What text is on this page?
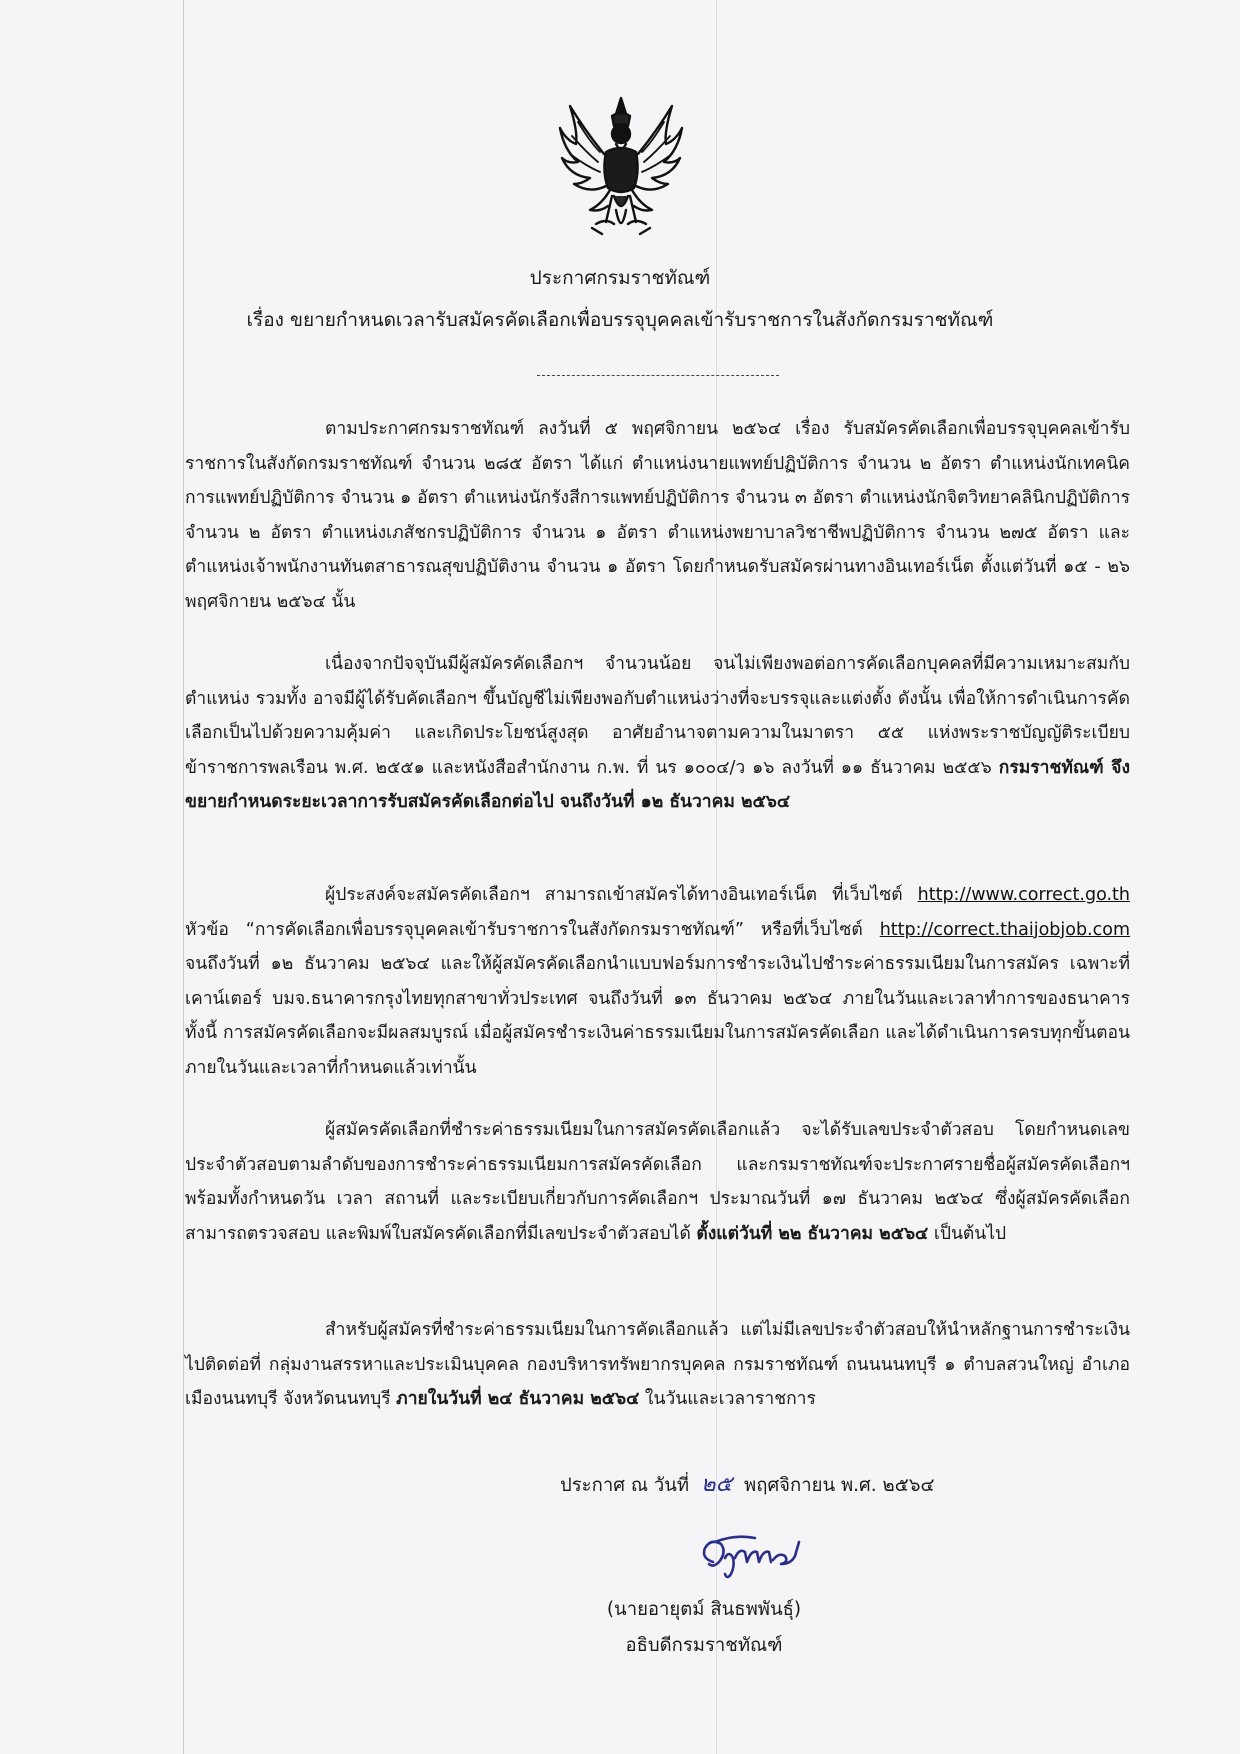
ประกาศกรมราชทัณฑ์
เรื่อง ขยายกำหนดเวลารับสมัครคัดเลือกเพื่อบรรจุบุคคลเข้ารับราชการในสังกัดกรมราชทัณฑ์
ตามประกาศกรมราชทัณฑ์ ลงวันที่ ๕ พฤศจิกายน ๒๕๖๔ เรื่อง รับสมัครคัดเลือกเพื่อบรรจุบุคคลเข้ารับราชการในสังกัดกรมราชทัณฑ์ จำนวน ๒๘๕ อัตรา ได้แก่ ตำแหน่งนายแพทย์ปฏิบัติการ จำนวน ๒ อัตรา ตำแหน่งนักเทคนิคการแพทย์ปฏิบัติการ จำนวน ๑ อัตรา ตำแหน่งนักรังสีการแพทย์ปฏิบัติการ จำนวน ๓ อัตรา ตำแหน่งนักจิตวิทยาคลินิกปฏิบัติการ จำนวน ๒ อัตรา ตำแหน่งเภสัชกรปฏิบัติการ จำนวน ๑ อัตรา ตำแหน่งพยาบาลวิชาชีพปฏิบัติการ จำนวน ๒๗๕ อัตรา และตำแหน่งเจ้าพนักงานทันตสาธารณสุขปฏิบัติงาน จำนวน ๑ อัตรา โดยกำหนดรับสมัครผ่านทางอินเทอร์เน็ต ตั้งแต่วันที่ ๑๕ - ๒๖ พฤศจิกายน ๒๕๖๔ นั้น
เนื่องจากปัจจุบันมีผู้สมัครคัดเลือกฯ จำนวนน้อย จนไม่เพียงพอต่อการคัดเลือกบุคคลที่มีความเหมาะสมกับตำแหน่ง รวมทั้ง อาจมีผู้ได้รับคัดเลือกฯ ขึ้นบัญชีไม่เพียงพอกับตำแหน่งว่างที่จะบรรจุและแต่งตั้ง ดังนั้น เพื่อให้การดำเนินการคัดเลือกเป็นไปด้วยความคุ้มค่า และเกิดประโยชน์สูงสุด อาศัยอำนาจตามความในมาตรา ๕๕ แห่งพระราชบัญญัติระเบียบข้าราชการพลเรือน พ.ศ. ๒๕๕๑ และหนังสือสำนักงาน ก.พ. ที่ นร ๑๐๐๔/ว ๑๖ ลงวันที่ ๑๑ ธันวาคม ๒๕๕๖ กรมราชทัณฑ์ จึงขยายกำหนดระยะเวลาการรับสมัครคัดเลือกต่อไป จนถึงวันที่ ๑๒ ธันวาคม ๒๕๖๔
ผู้ประสงค์จะสมัครคัดเลือกฯ สามารถเข้าสมัครได้ทางอินเทอร์เน็ต ที่เว็บไซต์ http://www.correct.go.th หัวข้อ “การคัดเลือกเพื่อบรรจุบุคคลเข้ารับราชการในสังกัดกรมราชทัณฑ์” หรือที่เว็บไซต์ http://correct.thaijobjob.com จนถึงวันที่ ๑๒ ธันวาคม ๒๕๖๔ และให้ผู้สมัครคัดเลือกนำแบบฟอร์มการชำระเงินไปชำระค่าธรรมเนียมในการสมัคร เฉพาะที่เคาน์เตอร์ บมจ.ธนาคารกรุงไทยทุกสาขาทั่วประเทศ จนถึงวันที่ ๑๓ ธันวาคม ๒๕๖๔ ภายในวันและเวลาทำการของธนาคาร ทั้งนี้ การสมัครคัดเลือกจะมีผลสมบูรณ์ เมื่อผู้สมัครชำระเงินค่าธรรมเนียมในการสมัครคัดเลือก และได้ดำเนินการครบทุกขั้นตอน ภายในวันและเวลาที่กำหนดแล้วเท่านั้น
ผู้สมัครคัดเลือกที่ชำระค่าธรรมเนียมในการสมัครคัดเลือกแล้ว จะได้รับเลขประจำตัวสอบ โดยกำหนดเลขประจำตัวสอบตามลำดับของการชำระค่าธรรมเนียมการสมัครคัดเลือก และกรมราชทัณฑ์จะประกาศรายชื่อผู้สมัครคัดเลือกฯ พร้อมทั้งกำหนดวัน เวลา สถานที่ และระเบียบเกี่ยวกับการคัดเลือกฯ ประมาณวันที่ ๑๗ ธันวาคม ๒๕๖๔ ซึ่งผู้สมัครคัดเลือกสามารถตรวจสอบ และพิมพ์ใบสมัครคัดเลือกที่มีเลขประจำตัวสอบได้ ตั้งแต่วันที่ ๒๒ ธันวาคม ๒๕๖๔ เป็นต้นไป
สำหรับผู้สมัครที่ชำระค่าธรรมเนียมในการคัดเลือกแล้ว แต่ไม่มีเลขประจำตัวสอบให้นำหลักฐานการชำระเงินไปติดต่อที่ กลุ่มงานสรรหาและประเมินบุคคล กองบริหารทรัพยากรบุคคล กรมราชทัณฑ์ ถนนนนทบุรี ๑ ตำบลสวนใหญ่ อำเภอเมืองนนทบุรี จังหวัดนนทบุรี ภายในวันที่ ๒๔ ธันวาคม ๒๕๖๔ ในวันและเวลาราชการ
ประกาศ ณ วันที่ ๒๕ พฤศจิกายน พ.ศ. ๒๕๖๔
(นายอายุตม์ สินธพพันธุ์)
อธิบดีกรมราชทัณฑ์
